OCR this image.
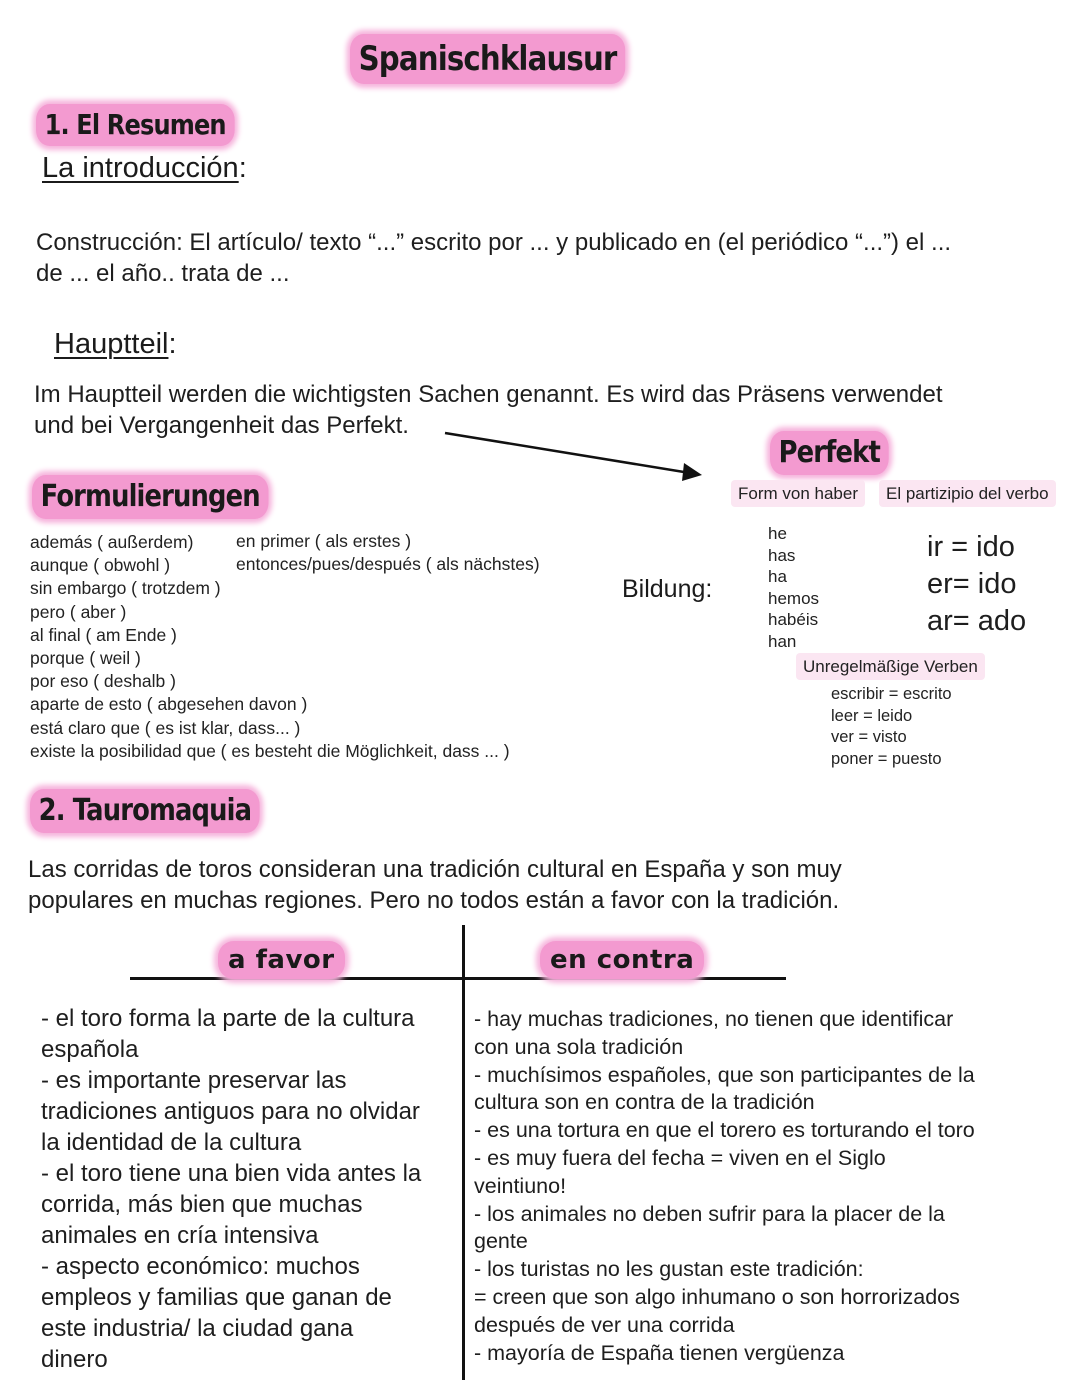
Spanischklausur
1. El Resumen
La introducción:
Construcción: El artículo/ texto “...” escrito por ... y publicado en (el periódico “...”) el ...
de ... el año.. trata de ...
Hauptteil:
Im Hauptteil werden die wichtigsten Sachen genannt. Es wird das Präsens verwendet
und bei Vergangenheit das Perfekt.
Formulierungen
además ( außerdem)
aunque ( obwohl )
sin embargo ( trotzdem )
pero ( aber )
al final ( am Ende )
porque ( weil )
por eso ( deshalb )
aparte de esto ( abgesehen davon )
está claro que ( es ist klar, dass... )
existe la posibilidad que ( es besteht die Möglichkeit, dass ... )
en primer ( als erstes )
entonces/pues/después ( als nächstes)
Perfekt
Form von haber	El partizipio del verbo
Bildung:
he
has
ha
hemos
habéis
han
ir = ido
er= ido
ar= ado
Unregelmäßige Verben
escribir = escrito
leer = leido
ver = visto
poner = puesto
2. Tauromaquia
Las corridas de toros consideran una tradición cultural en España y son muy
populares en muchas regiones. Pero no todos están a favor con la tradición.
a favor	en contra
- el toro forma la parte de la cultura
española
- es importante preservar las
tradiciones antiguos para no olvidar
la identidad de la cultura
- el toro tiene una bien vida antes la
corrida, más bien que muchas
animales en cría intensiva
- aspecto económico: muchos
empleos y familias que ganan de
este industria/ la ciudad gana
dinero
- hay muchas tradiciones, no tienen que identificar
con una sola tradición
- muchísimos españoles, que son participantes de la
cultura son en contra de la tradición
- es una tortura en que el torero es torturando el toro
- es muy fuera del fecha = viven en el Siglo
veintiuno!
- los animales no deben sufrir para la placer de la
gente
- los turistas no les gustan este tradición:
= creen que son algo inhumano o son horrorizados
después de ver una corrida
- mayoría de España tienen vergüenza
